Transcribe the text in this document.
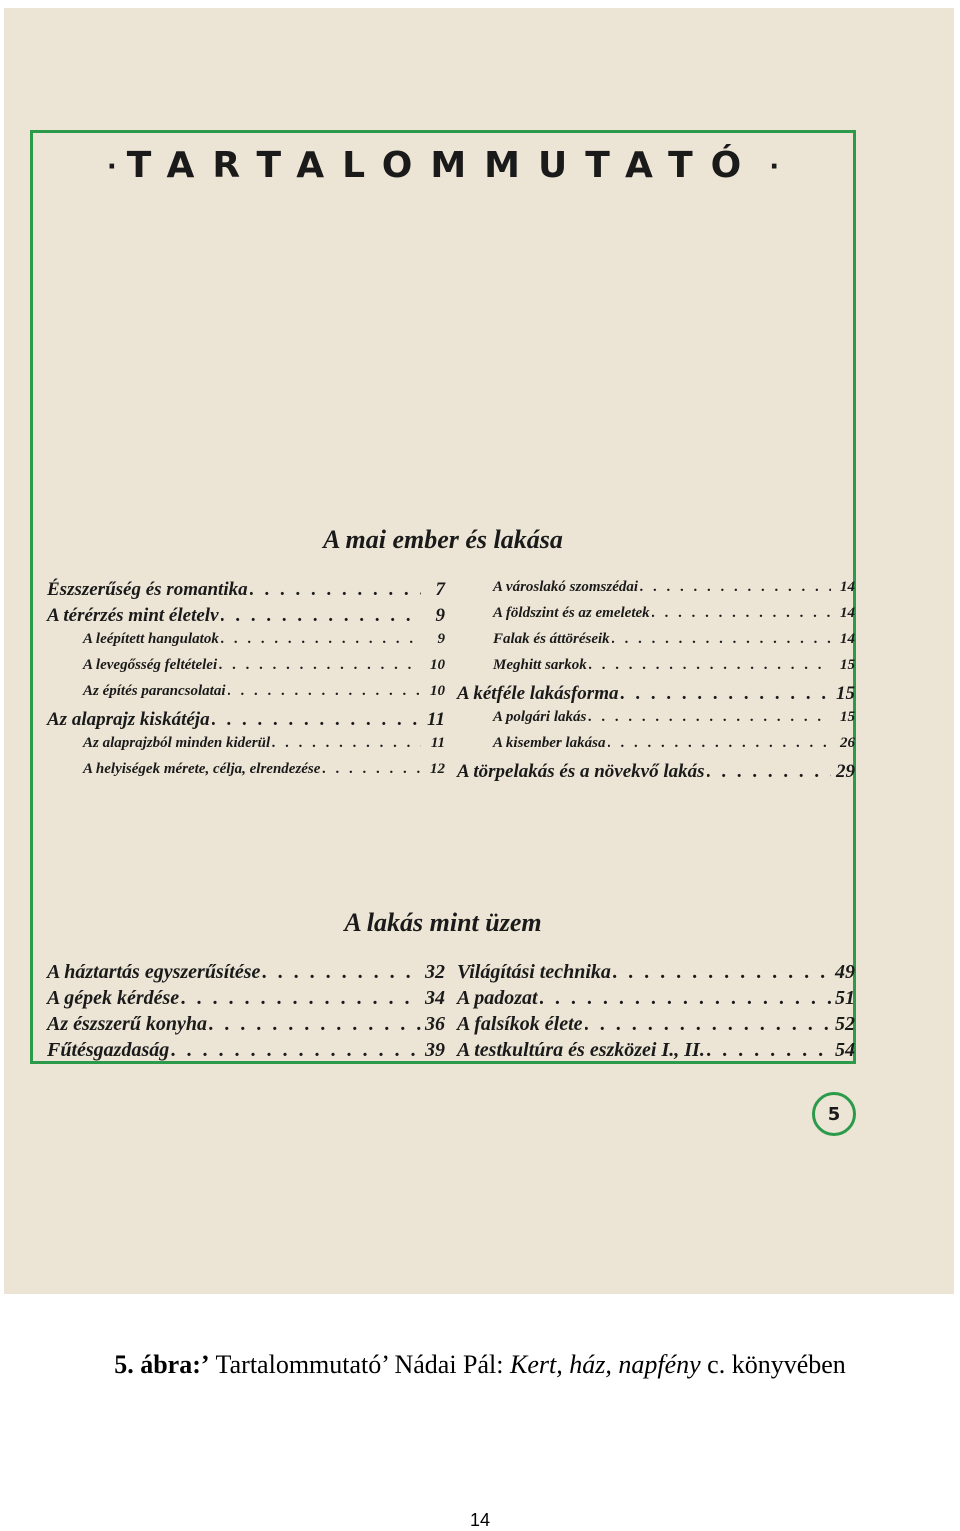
· TARTALOMMUTATÓ ·
A mai ember és lakása
Észszerűség és romantika . . .	7
A térérzés mint életelv . . .	9
A leépített hangulatok . . .	9
A levegősség feltételei . . .	10
Az építés parancsolatai . . .	10
Az alaprajz kiskátéja . . .	11
Az alaprajzból minden kiderül . . .	11
A helyiségek mérete, célja, elrendezése . . .	12
A városlakó szomszédai . . .	14
A földszint és az emeletek . . .	14
Falak és áttöréseik . . .	14
Meghitt sarkok . . .	15
A kétféle lakásforma . . .	15
A polgári lakás . . .	15
A kisember lakása . . .	26
A törpelakás és a növekvő lakás . . .	29
A lakás mint üzem
A háztartás egyszerűsítése . . .	32
A gépek kérdése . . .	34
Az észszerű konyha . . .	36
Fűtésgazdaság . . .	39
Világítási technika . . .	49
A padozat . . .	51
A falsíkok élete . . .	52
A testkultúra és eszközei I., II. . . .	54
5
5. ábra:’ Tartalommutató’ Nádai Pál: Kert, ház, napfény c. könyvében
14
